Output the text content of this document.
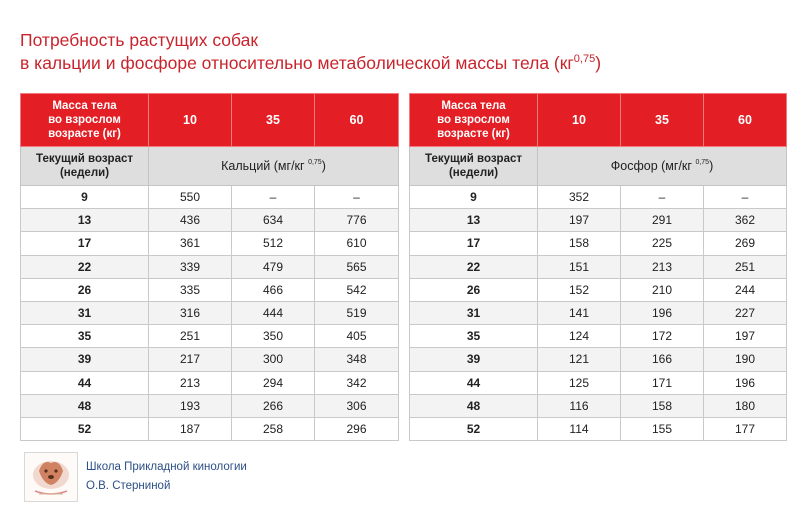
Потребность растущих собак
в кальции и фосфоре относительно метаболической массы тела (кг$^{0,75}$)
Масса тела
во взрослом
возрасте (кг)	10	35	60

Текущий возраст
(недели)	Кальций (мг/кг $^{0,75}$)		
9	550	–	–
13	436	634	776
17	361	512	610
22	339	479	565
26	335	466	542
31	316	444	519
35	251	350	405
39	217	300	348
44	213	294	342
48	193	266	306
52	187	258	296
Масса тела
во взрослом
возрасте (кг)	10	35	60

Текущий возраст
(недели)	Фосфор (мг/кг $^{0,75}$)		
9	352	–	–
13	197	291	362
17	158	225	269
22	151	213	251
26	152	210	244
31	141	196	227
35	124	172	197
39	121	166	190
44	125	171	196
48	116	158	180
52	114	155	177
Школа Прикладной кинологии
О.В. Стерниной
